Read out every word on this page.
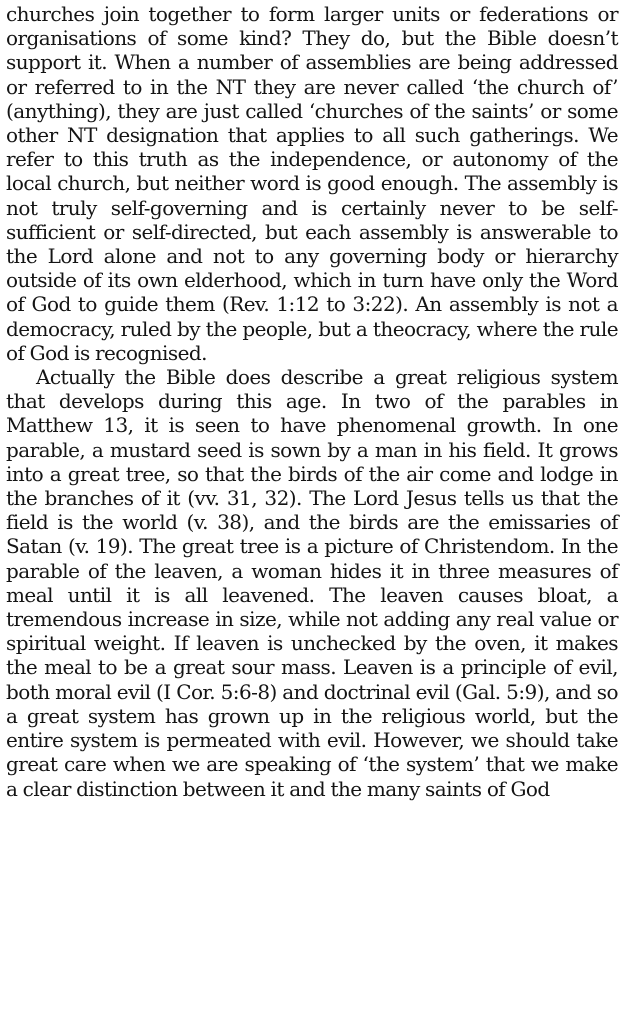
churches join together to form larger units or federations or organisations of some kind? They do, but the Bible doesn’t support it. When a number of assemblies are being addressed or referred to in the NT they are never called ‘the church of’ (anything), they are just called ‘churches of the saints’ or some other NT designation that applies to all such gatherings. We refer to this truth as the independence, or autonomy of the local church, but neither word is good enough. The assembly is not truly self-governing and is certainly never to be self-sufficient or self-directed, but each assembly is answerable to the Lord alone and not to any governing body or hierarchy outside of its own elderhood, which in turn have only the Word of God to guide them (Rev. 1:12 to 3:22). An assembly is not a democracy, ruled by the people, but a theocracy, where the rule of God is recognised.

Actually the Bible does describe a great religious system that develops during this age. In two of the parables in Matthew 13, it is seen to have phenomenal growth. In one parable, a mustard seed is sown by a man in his field. It grows into a great tree, so that the birds of the air come and lodge in the branches of it (vv. 31, 32). The Lord Jesus tells us that the field is the world (v. 38), and the birds are the emissaries of Satan (v. 19). The great tree is a picture of Christendom. In the parable of the leaven, a woman hides it in three measures of meal until it is all leavened. The leaven causes bloat, a tremendous increase in size, while not adding any real value or spiritual weight. If leaven is unchecked by the oven, it makes the meal to be a great sour mass. Leaven is a principle of evil, both moral evil (I Cor. 5:6-8) and doctrinal evil (Gal. 5:9), and so a great system has grown up in the religious world, but the entire system is permeated with evil. However, we should take great care when we are speaking of ‘the system’ that we make a clear distinction between it and the many saints of God
